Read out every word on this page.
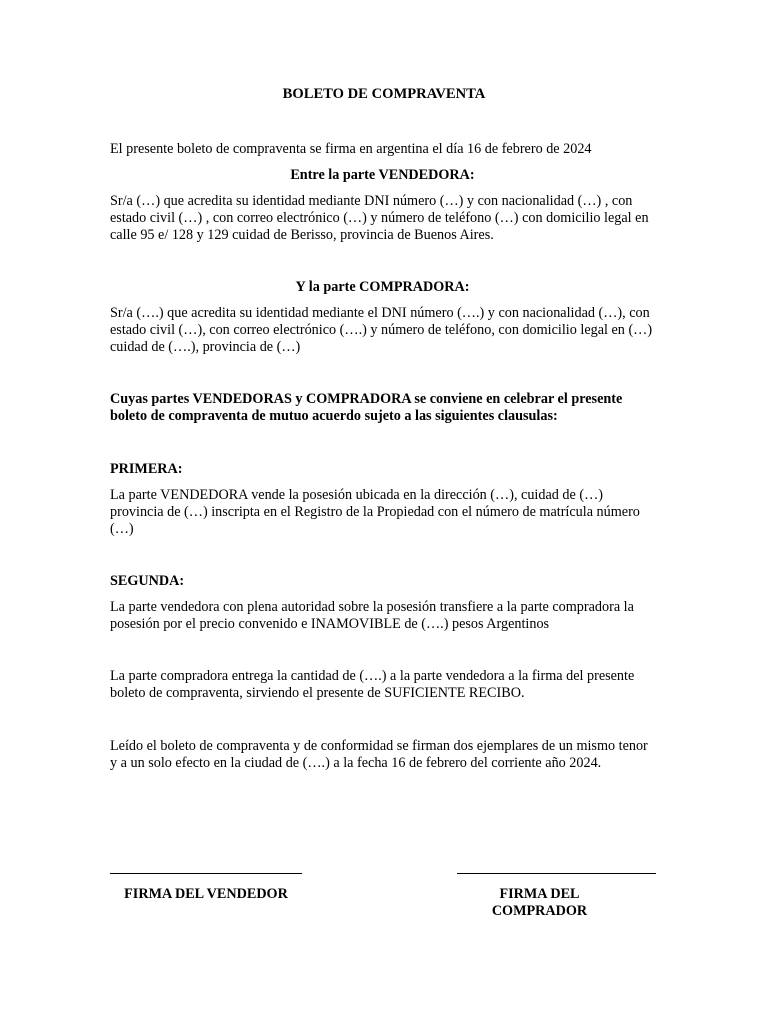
BOLETO DE COMPRAVENTA

El presente boleto de compraventa se firma en argentina el día 16 de febrero de 2024

Entre la parte VENDEDORA:

Sr/a (…) que acredita su identidad mediante DNI número (…) y con nacionalidad (…) , con estado civil (…) , con correo electrónico (…) y número de teléfono (…) con domicilio legal en calle 95 e/ 128 y 129 cuidad de Berisso, provincia de Buenos Aires.

Y la parte COMPRADORA:

Sr/a (….) que acredita su identidad mediante el DNI número (….) y con nacionalidad (…), con estado civil (…), con correo electrónico (….) y número de teléfono, con domicilio legal en (…) cuidad de (….), provincia de (…)

Cuyas partes VENDEDORAS y COMPRADORA se conviene en celebrar el presente boleto de compraventa de mutuo acuerdo sujeto a las siguientes clausulas:

PRIMERA:

La parte VENDEDORA vende la posesión ubicada en la dirección (…), cuidad de (…) provincia de (…) inscripta en el Registro de la Propiedad con el número de matrícula número (…)

SEGUNDA:

La parte vendedora con plena autoridad sobre la posesión transfiere a la parte compradora la posesión por el precio convenido e INAMOVIBLE de (….) pesos Argentinos

La parte compradora entrega la cantidad de (….) a la parte vendedora a la firma del presente boleto de compraventa, sirviendo el presente de SUFICIENTE RECIBO.

Leído el boleto de compraventa y de conformidad se firman dos ejemplares de un mismo tenor y a un solo efecto en la ciudad de (….) a la fecha 16 de febrero del corriente año 2024.

FIRMA DEL VENDEDOR	FIRMA DEL COMPRADOR
